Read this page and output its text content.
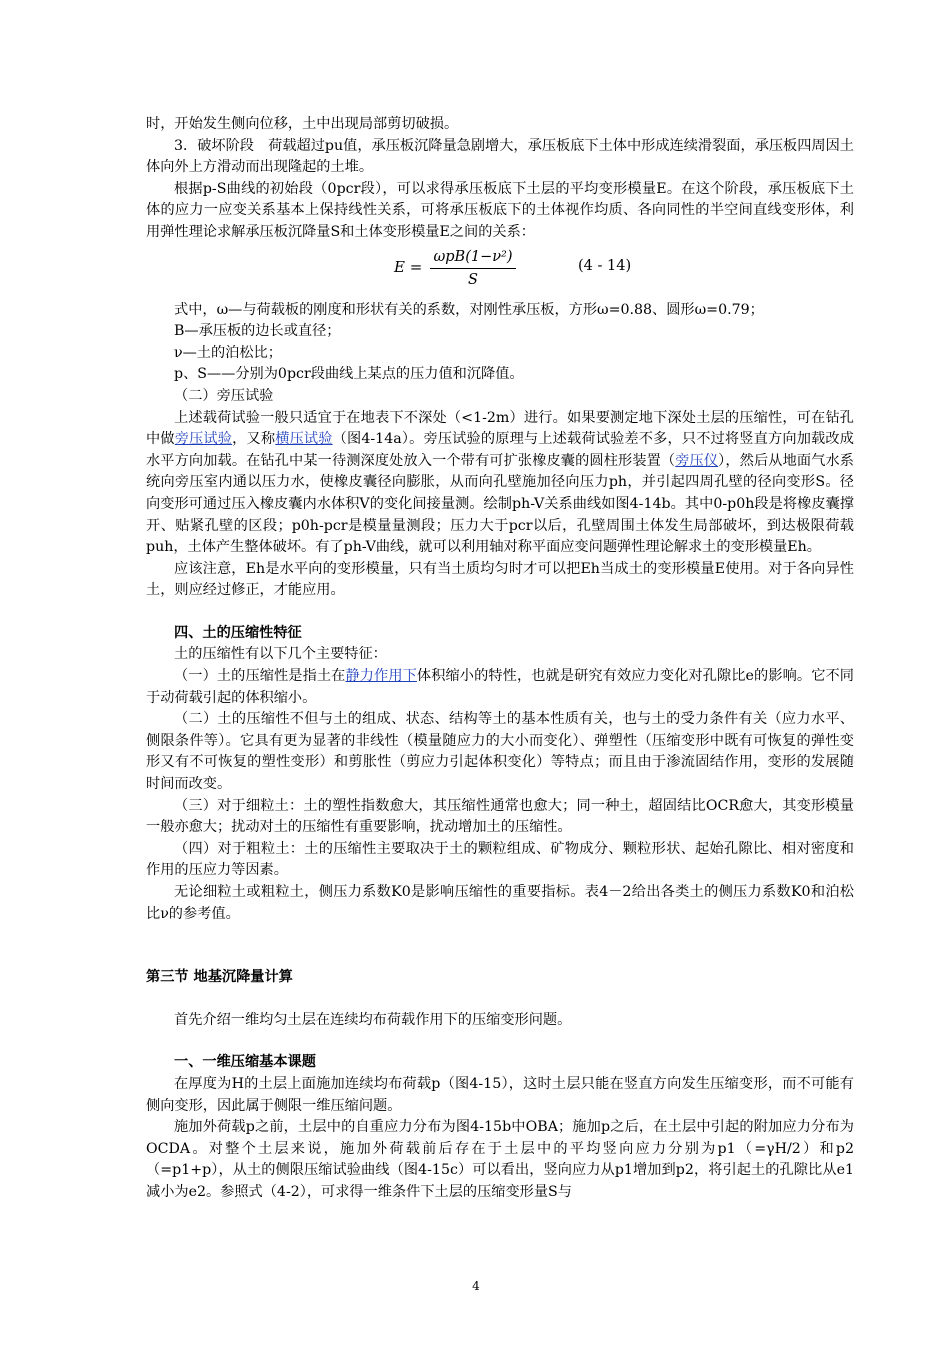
时，开始发生侧向位移，土中出现局部剪切破损。

3．破坏阶段　荷载超过pu值，承压板沉降量急剧增大，承压板底下土体中形成连续滑裂面，承压板四周因土体向外上方滑动而出现隆起的土堆。

根据p-S曲线的初始段（0pcr段），可以求得承压板底下土层的平均变形模量E。在这个阶段，承压板底下土体的应力一应变关系基本上保持线性关系，可将承压板底下的土体视作均质、各向同性的半空间直线变形体，利用弹性理论求解承压板沉降量S和土体变形模量E之间的关系：

E =
ωpB(1−ν²)
S
(4 - 14)

式中，ω—与荷载板的刚度和形状有关的系数，对刚性承压板，方形ω=0.88、圆形ω=0.79；

B—承压板的边长或直径；

ν—土的泊松比；

p、S——分别为0pcr段曲线上某点的压力值和沉降值。

（二）旁压试验

上述载荷试验一般只适宜于在地表下不深处（<1-2m）进行。如果要测定地下深处土层的压缩性，可在钻孔中做旁压试验，又称横压试验（图4-14a）。旁压试验的原理与上述载荷试验差不多，只不过将竖直方向加载改成水平方向加载。在钻孔中某一待测深度处放入一个带有可扩张橡皮囊的圆柱形装置（旁压仪），然后从地面气水系统向旁压室内通以压力水，使橡皮囊径向膨胀，从而向孔壁施加径向压力ph，并引起四周孔壁的径向变形S。径向变形可通过压入橡皮囊内水体积V的变化间接量测。绘制ph-V关系曲线如图4-14b。其中0-p0h段是将橡皮囊撑开、贴紧孔壁的区段；p0h-pcr是模量量测段；压力大于pcr以后，孔壁周围土体发生局部破坏，到达极限荷载puh，土体产生整体破坏。有了ph-V曲线，就可以利用轴对称平面应变问题弹性理论解求土的变形模量Eh。

应该注意，Eh是水平向的变形模量，只有当土质均匀时才可以把Eh当成土的变形模量E使用。对于各向异性土，则应经过修正，才能应用。

四、土的压缩性特征

土的压缩性有以下几个主要特征：

（一）土的压缩性是指土在静力作用下体积缩小的特性，也就是研究有效应力变化对孔隙比e的影响。它不同于动荷载引起的体积缩小。

（二）土的压缩性不但与土的组成、状态、结构等土的基本性质有关，也与土的受力条件有关（应力水平、侧限条件等）。它具有更为显著的非线性（模量随应力的大小而变化）、弹塑性（压缩变形中既有可恢复的弹性变形又有不可恢复的塑性变形）和剪胀性（剪应力引起体积变化）等特点；而且由于渗流固结作用，变形的发展随时间而改变。

（三）对于细粒土：土的塑性指数愈大，其压缩性通常也愈大；同一种土，超固结比OCR愈大，其变形模量一般亦愈大；扰动对土的压缩性有重要影响，扰动增加土的压缩性。

（四）对于粗粒土：土的压缩性主要取决于土的颗粒组成、矿物成分、颗粒形状、起始孔隙比、相对密度和作用的压应力等因素。

无论细粒土或粗粒土，侧压力系数K0是影响压缩性的重要指标。表4－2给出各类土的侧压力系数K0和泊松比ν的参考值。

第三节 地基沉降量计算

首先介绍一维均匀土层在连续均布荷载作用下的压缩变形问题。

一、一维压缩基本课题

在厚度为H的土层上面施加连续均布荷载p（图4-15），这时土层只能在竖直方向发生压缩变形，而不可能有侧向变形，因此属于侧限一维压缩问题。

施加外荷载p之前，土层中的自重应力分布为图4-15b中OBA；施加p之后，在土层中引起的附加应力分布为OCDA。对整个土层来说，施加外荷载前后存在于土层中的平均竖向应力分别为p1（=γH/2）和p2（=p1+p），从土的侧限压缩试验曲线（图4-15c）可以看出，竖向应力从p1增加到p2，将引起土的孔隙比从e1减小为e2。参照式（4-2），可求得一维条件下土层的压缩变形量S与

4
